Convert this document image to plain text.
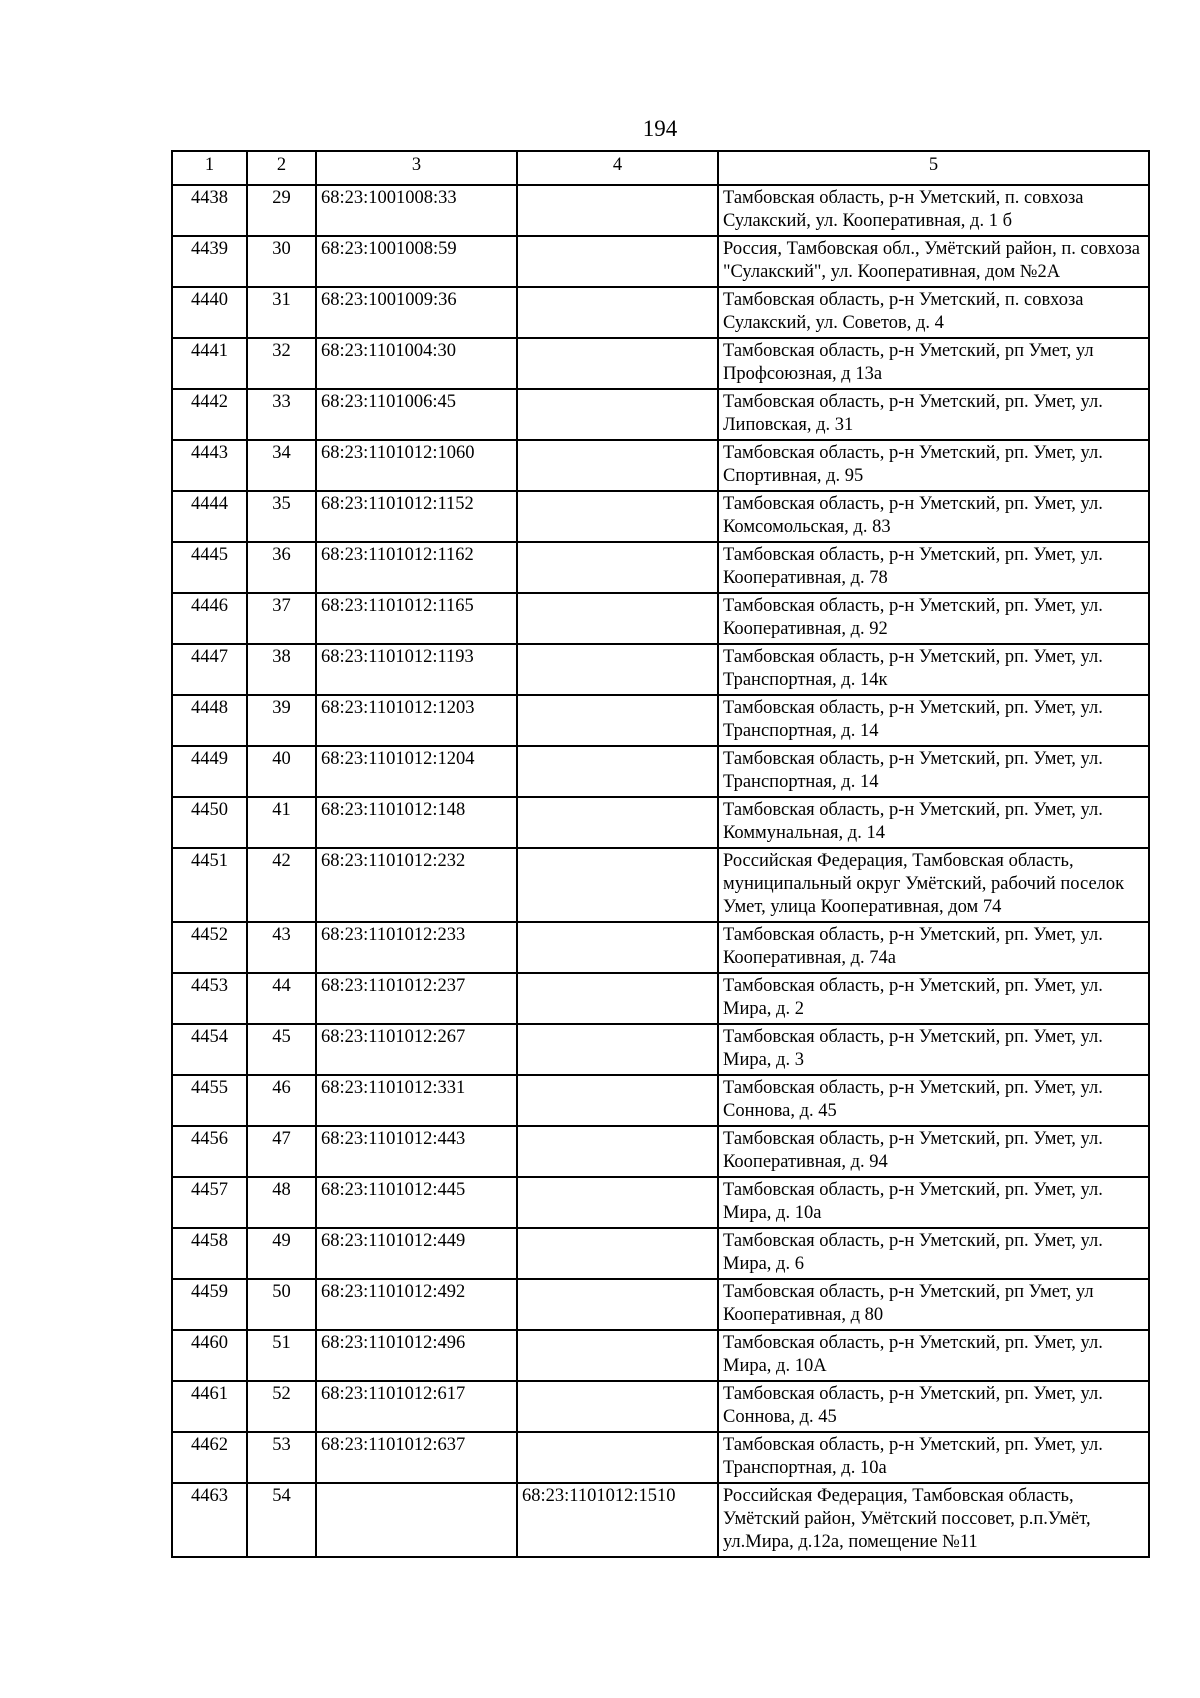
194
1	2	3	4	5
4438	29	68:23:1001008:33		Тамбовская область, р-н Уметский, п. совхоза Сулакский, ул. Кооперативная, д. 1 б
4439	30	68:23:1001008:59		Россия, Тамбовская обл., Умётский район, п. совхоза "Сулакский", ул. Кооперативная, дом №2А
4440	31	68:23:1001009:36		Тамбовская область, р-н Уметский, п. совхоза Сулакский, ул. Советов, д. 4
4441	32	68:23:1101004:30		Тамбовская область, р-н Уметский, рп Умет, ул Профсоюзная, д 13а
4442	33	68:23:1101006:45		Тамбовская область, р-н Уметский, рп. Умет, ул. Липовская, д. 31
4443	34	68:23:1101012:1060		Тамбовская область, р-н Уметский, рп. Умет, ул. Спортивная, д. 95
4444	35	68:23:1101012:1152		Тамбовская область, р-н Уметский, рп. Умет, ул. Комсомольская, д. 83
4445	36	68:23:1101012:1162		Тамбовская область, р-н Уметский, рп. Умет, ул. Кооперативная, д. 78
4446	37	68:23:1101012:1165		Тамбовская область, р-н Уметский, рп. Умет, ул. Кооперативная, д. 92
4447	38	68:23:1101012:1193		Тамбовская область, р-н Уметский, рп. Умет, ул. Транспортная, д. 14к
4448	39	68:23:1101012:1203		Тамбовская область, р-н Уметский, рп. Умет, ул. Транспортная, д. 14
4449	40	68:23:1101012:1204		Тамбовская область, р-н Уметский, рп. Умет, ул. Транспортная, д. 14
4450	41	68:23:1101012:148		Тамбовская область, р-н Уметский, рп. Умет, ул. Коммунальная, д. 14
4451	42	68:23:1101012:232		Российская Федерация, Тамбовская область, муниципальный округ Умётский, рабочий поселок Умет, улица Кооперативная, дом 74
4452	43	68:23:1101012:233		Тамбовская область, р-н Уметский, рп. Умет, ул. Кооперативная, д. 74а
4453	44	68:23:1101012:237		Тамбовская область, р-н Уметский, рп. Умет, ул. Мира, д. 2
4454	45	68:23:1101012:267		Тамбовская область, р-н Уметский, рп. Умет, ул. Мира, д. 3
4455	46	68:23:1101012:331		Тамбовская область, р-н Уметский, рп. Умет, ул. Соннова, д. 45
4456	47	68:23:1101012:443		Тамбовская область, р-н Уметский, рп. Умет, ул. Кооперативная, д. 94
4457	48	68:23:1101012:445		Тамбовская область, р-н Уметский, рп. Умет, ул. Мира, д. 10а
4458	49	68:23:1101012:449		Тамбовская область, р-н Уметский, рп. Умет, ул. Мира, д. 6
4459	50	68:23:1101012:492		Тамбовская область, р-н Уметский, рп Умет, ул Кооперативная, д 80
4460	51	68:23:1101012:496		Тамбовская область, р-н Уметский, рп. Умет, ул. Мира, д. 10А
4461	52	68:23:1101012:617		Тамбовская область, р-н Уметский, рп. Умет, ул. Соннова, д. 45
4462	53	68:23:1101012:637		Тамбовская область, р-н Уметский, рп. Умет, ул. Транспортная, д. 10а
4463	54		68:23:1101012:1510	Российская Федерация, Тамбовская область, Умётский район, Умётский поссовет, р.п.Умёт, ул.Мира, д.12а, помещение №11
